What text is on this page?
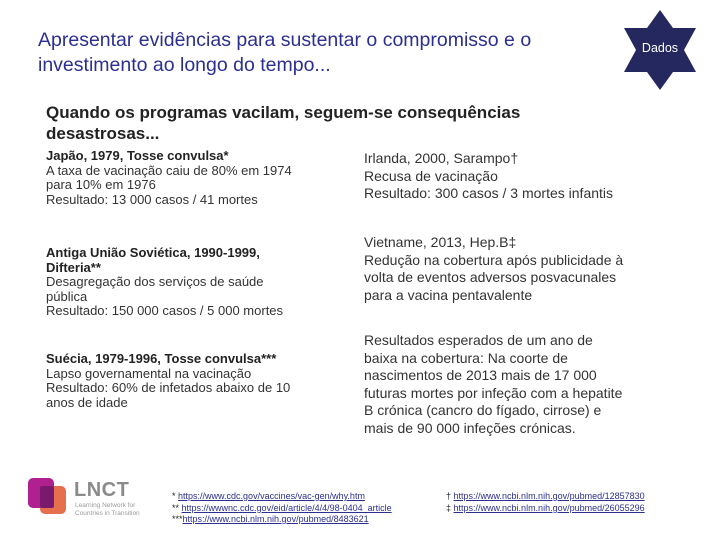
Apresentar evidências para sustentar o compromisso e o
investimento ao longo do tempo...
Dados
Quando os programas vacilam, seguem-se consequências
desastrosas...
Japão, 1979, Tosse convulsa*
A taxa de vacinação caiu de 80% em 1974
para 10% em 1976
Resultado: 13 000 casos / 41 mortes
Antiga União Soviética, 1990-1999,
Difteria**
Desagregação dos serviços de saúde
pública
Resultado: 150 000 casos / 5 000 mortes
Suécia, 1979-1996, Tosse convulsa***
Lapso governamental na vacinação
Resultado: 60% de infetados abaixo de 10
anos de idade
Irlanda, 2000, Sarampo†
Recusa de vacinação
Resultado: 300 casos / 3 mortes infantis
Vietname, 2013, Hep.B‡
Redução na cobertura após publicidade à
volta de eventos adversos posvacunales
para a vacina pentavalente
Resultados esperados de um ano de
baixa na cobertura: Na coorte de
nascimentos de 2013 mais de 17 000
futuras mortes por infeção com a hepatite
B crónica (cancro do fígado, cirrose) e
mais de 90 000 infeções crónicas.
LNCT
Learning Network for
Countries in Transition
* https://www.cdc.gov/vaccines/vac-gen/why.htm
** https://wwwnc.cdc.gov/eid/article/4/4/98-0404_article
***https://www.ncbi.nlm.nih.gov/pubmed/8483621
† https://www.ncbi.nlm.nih.gov/pubmed/12857830
‡ https://www.ncbi.nlm.nih.gov/pubmed/26055296
